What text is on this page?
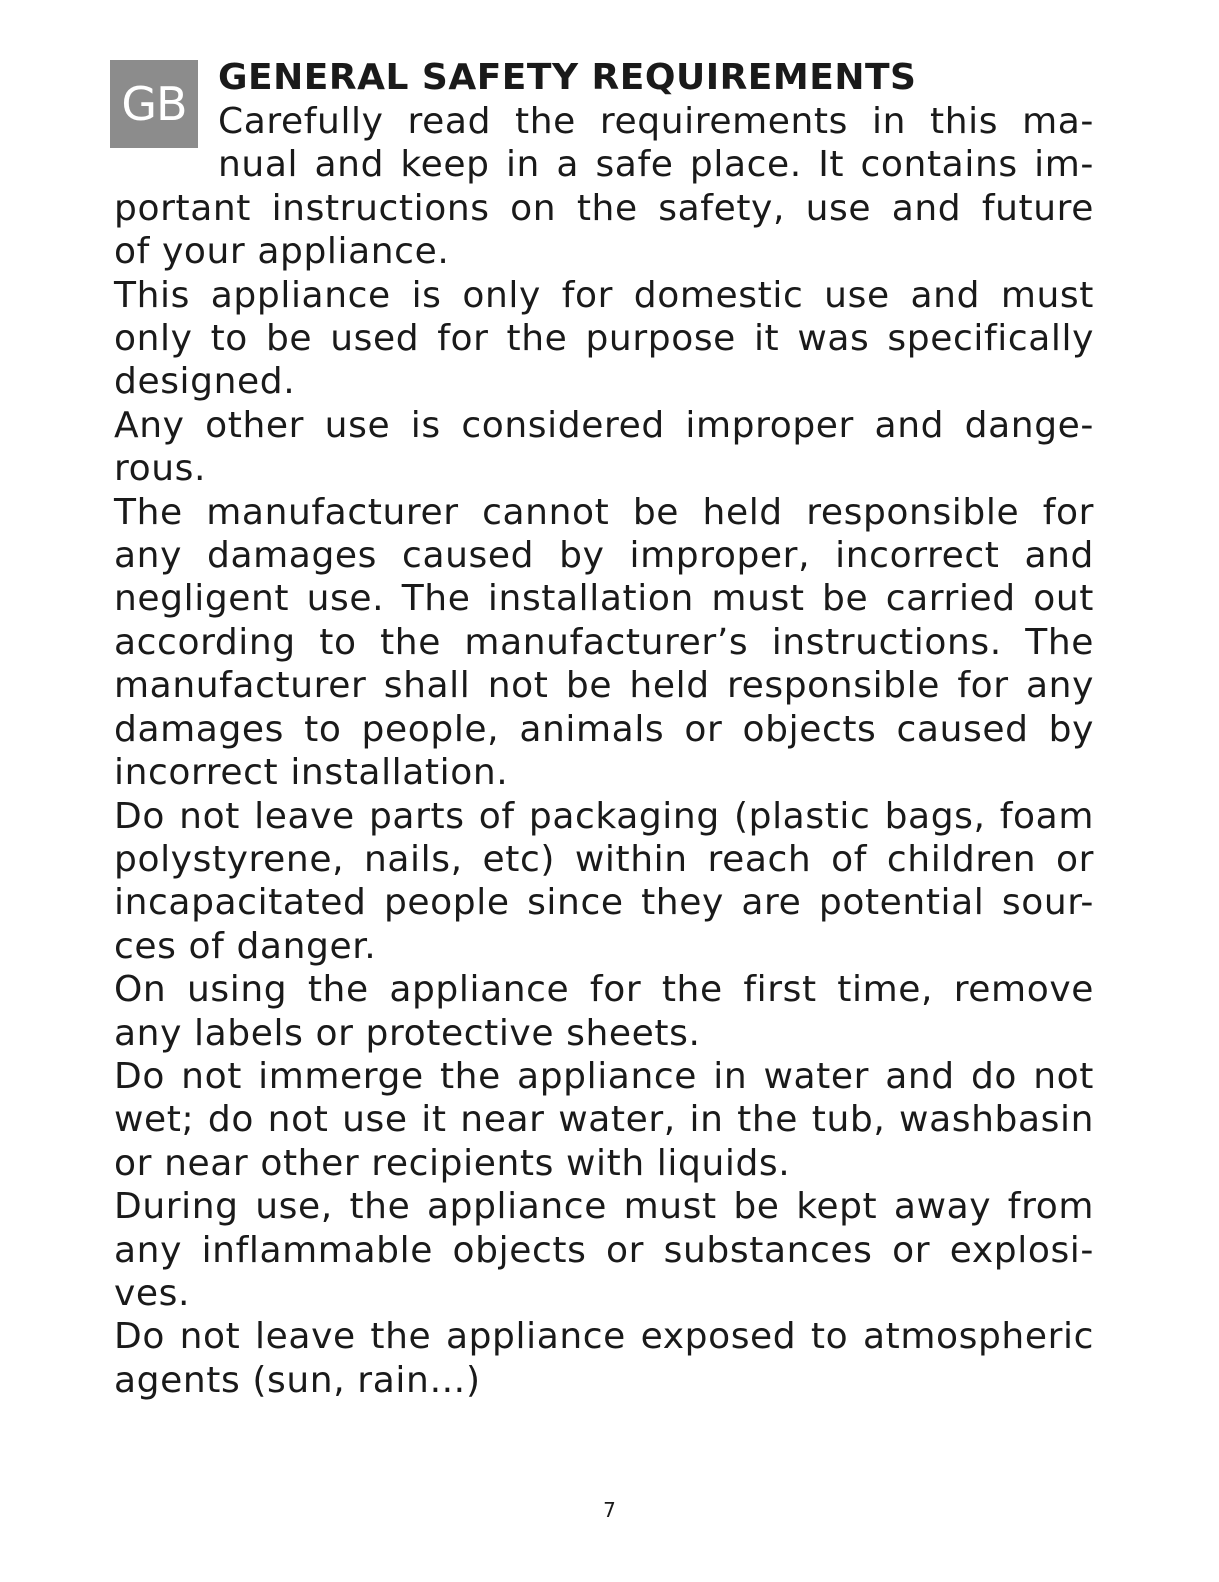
GB GENERAL SAFETY REQUIREMENTS
Carefully read the requirements in this ma-
nual and keep in a safe place. It contains im-
portant instructions on the safety, use and future
of your appliance.
This appliance is only for domestic use and must
only to be used for the purpose it was specifically
designed.
Any other use is considered improper and dange-
rous.
The manufacturer cannot be held responsible for
any damages caused by improper, incorrect and
negligent use. The installation must be carried out
according to the manufacturer’s instructions. The
manufacturer shall not be held responsible for any
damages to people, animals or objects caused by
incorrect installation.
Do not leave parts of packaging (plastic bags, foam
polystyrene, nails, etc) within reach of children or
incapacitated people since they are potential sour-
ces of danger.
On using the appliance for the first time, remove
any labels or protective sheets.
Do not immerge the appliance in water and do not
wet; do not use it near water, in the tub, washbasin
or near other recipients with liquids.
During use, the appliance must be kept away from
any inflammable objects or substances or explosi-
ves.
Do not leave the appliance exposed to atmospheric
agents (sun, rain…)
7
